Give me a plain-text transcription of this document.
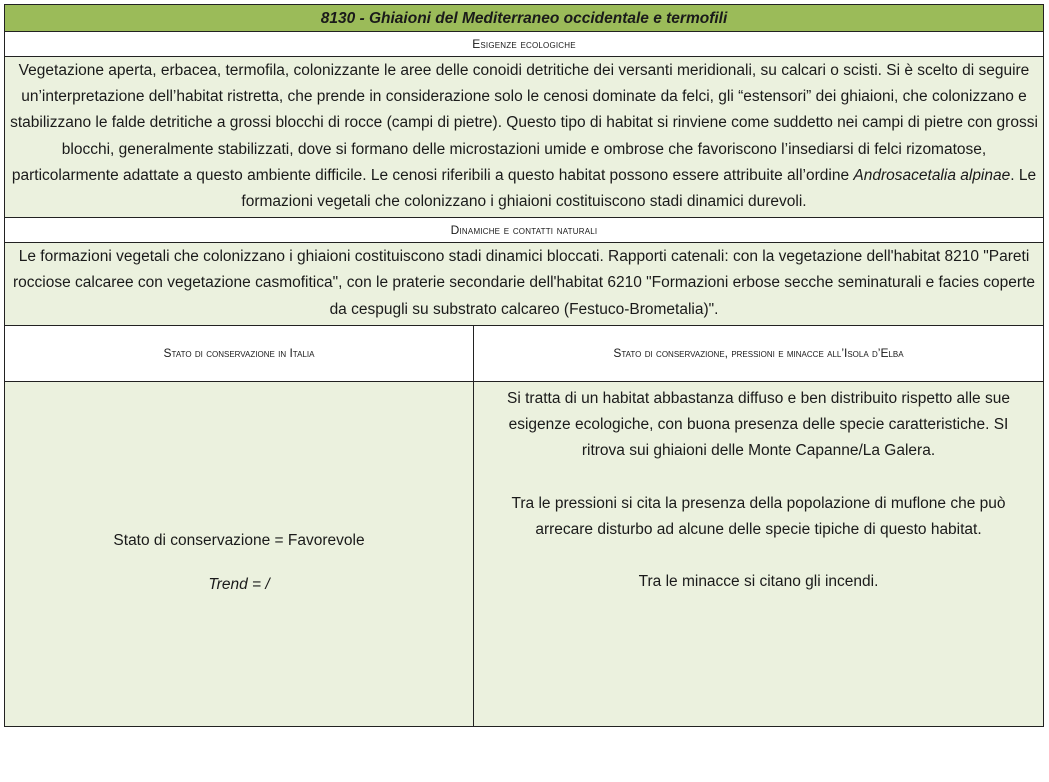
8130 - Ghiaioni del Mediterraneo occidentale e termofili
Esigenze ecologiche
Vegetazione aperta, erbacea, termofila, colonizzante le aree delle conoidi detritiche dei versanti meridionali, su calcari o scisti. Si è scelto di seguire un’interpretazione dell’habitat ristretta, che prende in considerazione solo le cenosi dominate da felci, gli “estensori” dei ghiaioni, che colonizzano e stabilizzano le falde detritiche a grossi blocchi di rocce (campi di pietre). Questo tipo di habitat si rinviene come suddetto nei campi di pietre con grossi blocchi, generalmente stabilizzati, dove si formano delle microstazioni umide e ombrose che favoriscono l’insediarsi di felci rizomatose, particolarmente adattate a questo ambiente difficile. Le cenosi riferibili a questo habitat possono essere attribuite all’ordine Androsacetalia alpinae. Le formazioni vegetali che colonizzano i ghiaioni costituiscono stadi dinamici durevoli.
Dinamiche e contatti naturali
Le formazioni vegetali che colonizzano i ghiaioni costituiscono stadi dinamici bloccati. Rapporti catenali: con la vegetazione dell'habitat 8210 "Pareti rocciose calcaree con vegetazione casmofitica", con le praterie secondarie dell'habitat 6210 "Formazioni erbose secche seminaturali e facies coperte da cespugli su substrato calcareo (Festuco-Brometalia)".
Stato di conservazione in Italia	Stato di conservazione, pressioni e minacce all’Isola d’Elba
Stato di conservazione = Favorevole
Trend = /
Si tratta di un habitat abbastanza diffuso e ben distribuito rispetto alle sue esigenze ecologiche, con buona presenza delle specie caratteristiche. SI ritrova sui ghiaioni delle Monte Capanne/La Galera.
Tra le pressioni si cita la presenza della popolazione di muflone che può arrecare disturbo ad alcune delle specie tipiche di questo habitat.
Tra le minacce si citano gli incendi.
